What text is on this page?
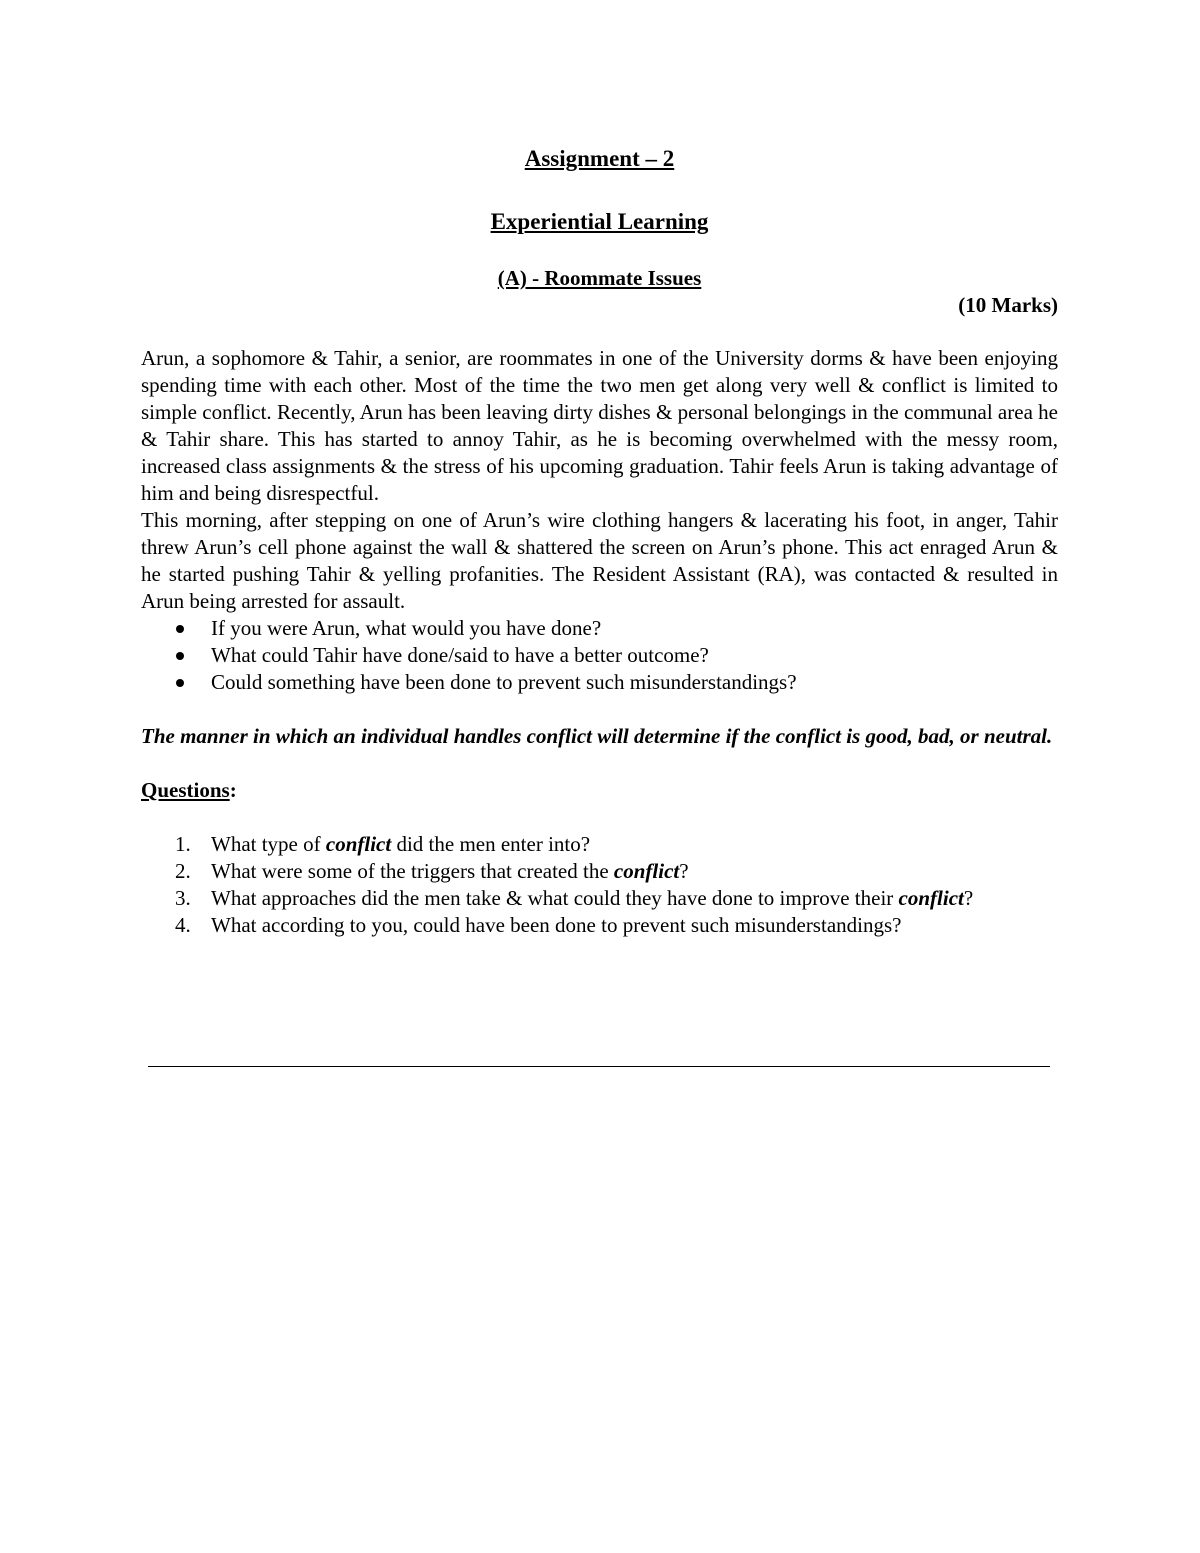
Assignment – 2

Experiential Learning

(A) - Roommate Issues

(10 Marks)

Arun, a sophomore & Tahir, a senior, are roommates in one of the University dorms & have been enjoying spending time with each other. Most of the time the two men get along very well & conflict is limited to simple conflict. Recently, Arun has been leaving dirty dishes & personal belongings in the communal area he & Tahir share. This has started to annoy Tahir, as he is becoming overwhelmed with the messy room, increased class assignments & the stress of his upcoming graduation. Tahir feels Arun is taking advantage of him and being disrespectful.

This morning, after stepping on one of Arun’s wire clothing hangers & lacerating his foot, in anger, Tahir threw Arun’s cell phone against the wall & shattered the screen on Arun’s phone. This act enraged Arun & he started pushing Tahir & yelling profanities. The Resident Assistant (RA), was contacted & resulted in Arun being arrested for assault.

If you were Arun, what would you have done?
What could Tahir have done/said to have a better outcome?
Could something have been done to prevent such misunderstandings?

The manner in which an individual handles conflict will determine if the conflict is good, bad, or neutral.

Questions:

1. What type of conflict did the men enter into?
2. What were some of the triggers that created the conflict?
3. What approaches did the men take & what could they have done to improve their conflict?
4. What according to you, could have been done to prevent such misunderstandings?
